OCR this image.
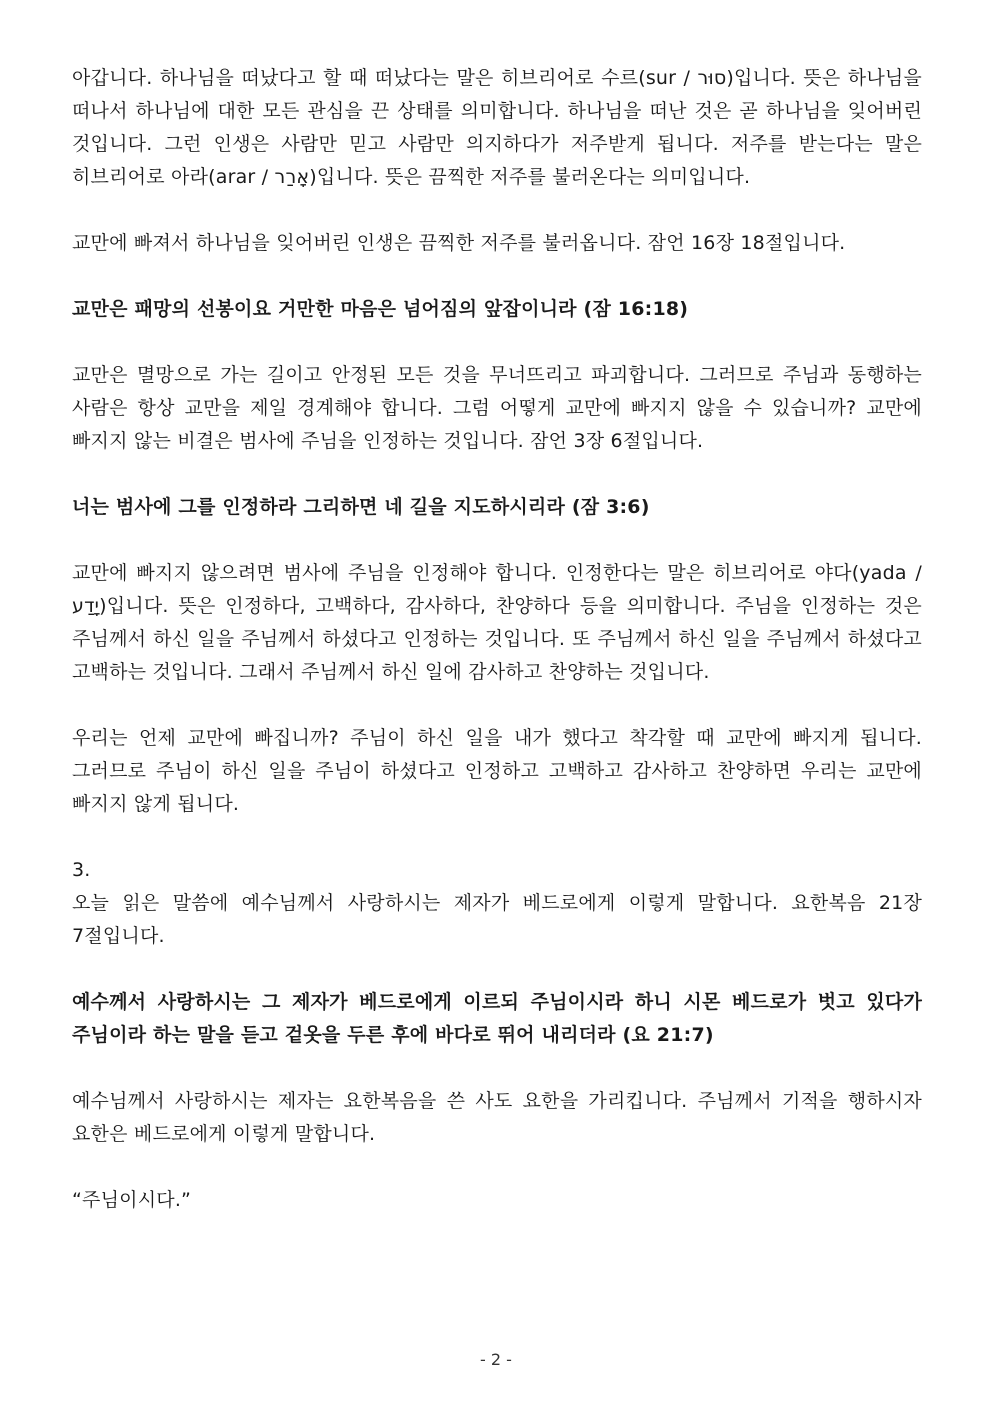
아갑니다. 하나님을 떠났다고 할 때 떠났다는 말은 히브리어로 수르(sur / סוּר)입니다. 뜻은 하나님을 떠나서 하나님에 대한 모든 관심을 끈 상태를 의미합니다. 하나님을 떠난 것은 곧 하나님을 잊어버린 것입니다. 그런 인생은 사람만 믿고 사람만 의지하다가 저주받게 됩니다. 저주를 받는다는 말은 히브리어로 아라(arar / אָרַר)입니다. 뜻은 끔찍한 저주를 불러온다는 의미입니다.

교만에 빠져서 하나님을 잊어버린 인생은 끔찍한 저주를 불러옵니다. 잠언 16장 18절입니다.

교만은 패망의 선봉이요 거만한 마음은 넘어짐의 앞잡이니라 (잠 16:18)

교만은 멸망으로 가는 길이고 안정된 모든 것을 무너뜨리고 파괴합니다. 그러므로 주님과 동행하는 사람은 항상 교만을 제일 경계해야 합니다. 그럼 어떻게 교만에 빠지지 않을 수 있습니까? 교만에 빠지지 않는 비결은 범사에 주님을 인정하는 것입니다. 잠언 3장 6절입니다.

너는 범사에 그를 인정하라 그리하면 네 길을 지도하시리라 (잠 3:6)

교만에 빠지지 않으려면 범사에 주님을 인정해야 합니다. 인정한다는 말은 히브리어로 야다(yada / יָדַע)입니다. 뜻은 인정하다, 고백하다, 감사하다, 찬양하다 등을 의미합니다. 주님을 인정하는 것은 주님께서 하신 일을 주님께서 하셨다고 인정하는 것입니다. 또 주님께서 하신 일을 주님께서 하셨다고 고백하는 것입니다. 그래서 주님께서 하신 일에 감사하고 찬양하는 것입니다.

우리는 언제 교만에 빠집니까? 주님이 하신 일을 내가 했다고 착각할 때 교만에 빠지게 됩니다. 그러므로 주님이 하신 일을 주님이 하셨다고 인정하고 고백하고 감사하고 찬양하면 우리는 교만에 빠지지 않게 됩니다.

3.

오늘 읽은 말씀에 예수님께서 사랑하시는 제자가 베드로에게 이렇게 말합니다. 요한복음 21장 7절입니다.

예수께서 사랑하시는 그 제자가 베드로에게 이르되 주님이시라 하니 시몬 베드로가 벗고 있다가 주님이라 하는 말을 듣고 겉옷을 두른 후에 바다로 뛰어 내리더라 (요 21:7)

예수님께서 사랑하시는 제자는 요한복음을 쓴 사도 요한을 가리킵니다. 주님께서 기적을 행하시자 요한은 베드로에게 이렇게 말합니다.

“주님이시다.”

- 2 -
